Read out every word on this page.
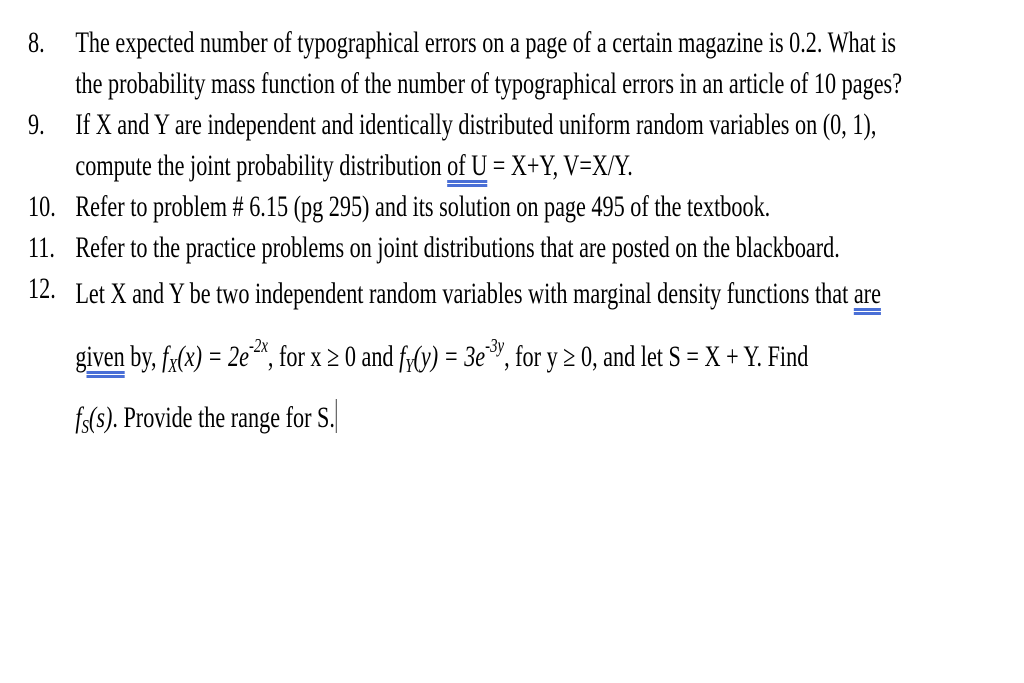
8.	The expected number of typographical errors on a page of a certain magazine is 0.2. What is
the probability mass function of the number of typographical errors in an article of 10 pages?
9.	If X and Y are independent and identically distributed uniform random variables on (0, 1),
compute the joint probability distribution of U = X+Y, V=X/Y.
10. Refer to problem # 6.15 (pg 295) and its solution on page 495 of the textbook.
11. Refer to the practice problems on joint distributions that are posted on the blackboard.
12. Let X and Y be two independent random variables with marginal density functions that are
given by, $f_X(x) = 2e^{-2x}$, for x ≥ 0 and $f_Y(y) = 3e^{-3y}$, for y ≥ 0, and let S = X + Y. Find
$f_S(s)$. Provide the range for S.
